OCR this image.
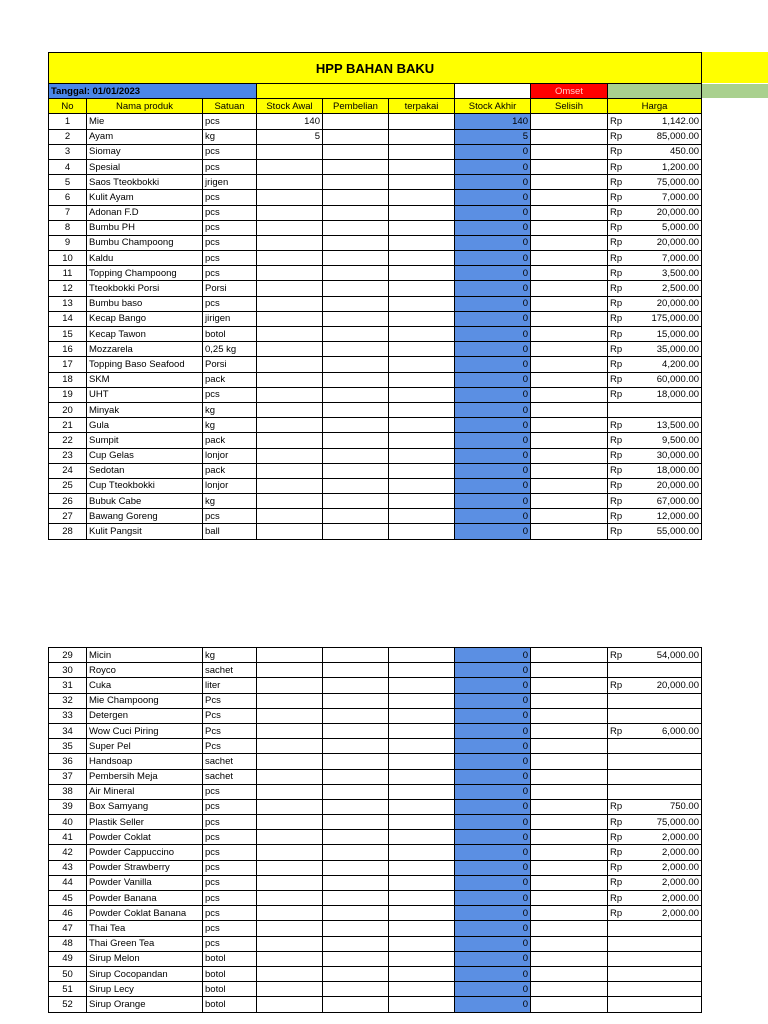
HPP BAHAN BAKU								
Tanggal: 01/01/2023							Omset	
No	Nama produk	Satuan	Stock Awal	Pembelian	terpakai	Stock Akhir	Selisih	Harga
1	Mie	pcs	140			140		Rp 1,142.00

2	Ayam	kg	5			5		Rp 85,000.00

3	Siomay	pcs				0		Rp 450.00

4	Spesial	pcs				0		Rp 1,200.00

5	Saos Tteokbokki	jrigen				0		Rp 75,000.00

6	Kulit Ayam	pcs				0		Rp 7,000.00

7	Adonan F.D	pcs				0		Rp 20,000.00

8	Bumbu PH	pcs				0		Rp 5,000.00

9	Bumbu Champoong	pcs				0		Rp 20,000.00

10	Kaldu	pcs				0		Rp 7,000.00

11	Topping Champoong	pcs				0		Rp 3,500.00

12	Tteokbokki Porsi	Porsi				0		Rp 2,500.00

13	Bumbu baso	pcs				0		Rp 20,000.00

14	Kecap Bango	jirigen				0		Rp 175,000.00

15	Kecap Tawon	botol				0		Rp 15,000.00

16	Mozzarela	0,25 kg				0		Rp 35,000.00

17	Topping Baso Seafood	Porsi				0		Rp 4,200.00

18	SKM	pack				0		Rp 60,000.00

19	UHT	pcs				0		Rp 18,000.00

20	Minyak	kg				0		
21	Gula	kg				0		Rp 13,500.00

22	Sumpit	pack				0		Rp 9,500.00

23	Cup Gelas	lonjor				0		Rp 30,000.00

24	Sedotan	pack				0		Rp 18,000.00

25	Cup Tteokbokki	lonjor				0		Rp 20,000.00

26	Bubuk Cabe	kg				0		Rp 67,000.00

27	Bawang Goreng	pcs				0		Rp 12,000.00

28	Kulit Pangsit	ball				0		Rp 55,000.00
29	Micin	kg				0		Rp 54,000.00

30	Royco	sachet				0		
31	Cuka	liter				0		Rp 20,000.00

32	Mie Champoong	Pcs				0		
33	Detergen	Pcs				0		
34	Wow Cuci Piring	Pcs				0		Rp 6,000.00

35	Super Pel	Pcs				0		
36	Handsoap	sachet				0		
37	Pembersih Meja	sachet				0		
38	Air Mineral	pcs				0		
39	Box Samyang	pcs				0		Rp 750.00

40	Plastik Seller	pcs				0		Rp 75,000.00

41	Powder Coklat	pcs				0		Rp 2,000.00

42	Powder Cappuccino	pcs				0		Rp 2,000.00

43	Powder Strawberry	pcs				0		Rp 2,000.00

44	Powder Vanilla	pcs				0		Rp 2,000.00

45	Powder Banana	pcs				0		Rp 2,000.00

46	Powder Coklat Banana	pcs				0		Rp 2,000.00

47	Thai Tea	pcs				0		
48	Thai Green Tea	pcs				0		
49	Sirup Melon	botol				0		
50	Sirup Cocopandan	botol				0		
51	Sirup Lecy	botol				0		
52	Sirup Orange	botol				0		
